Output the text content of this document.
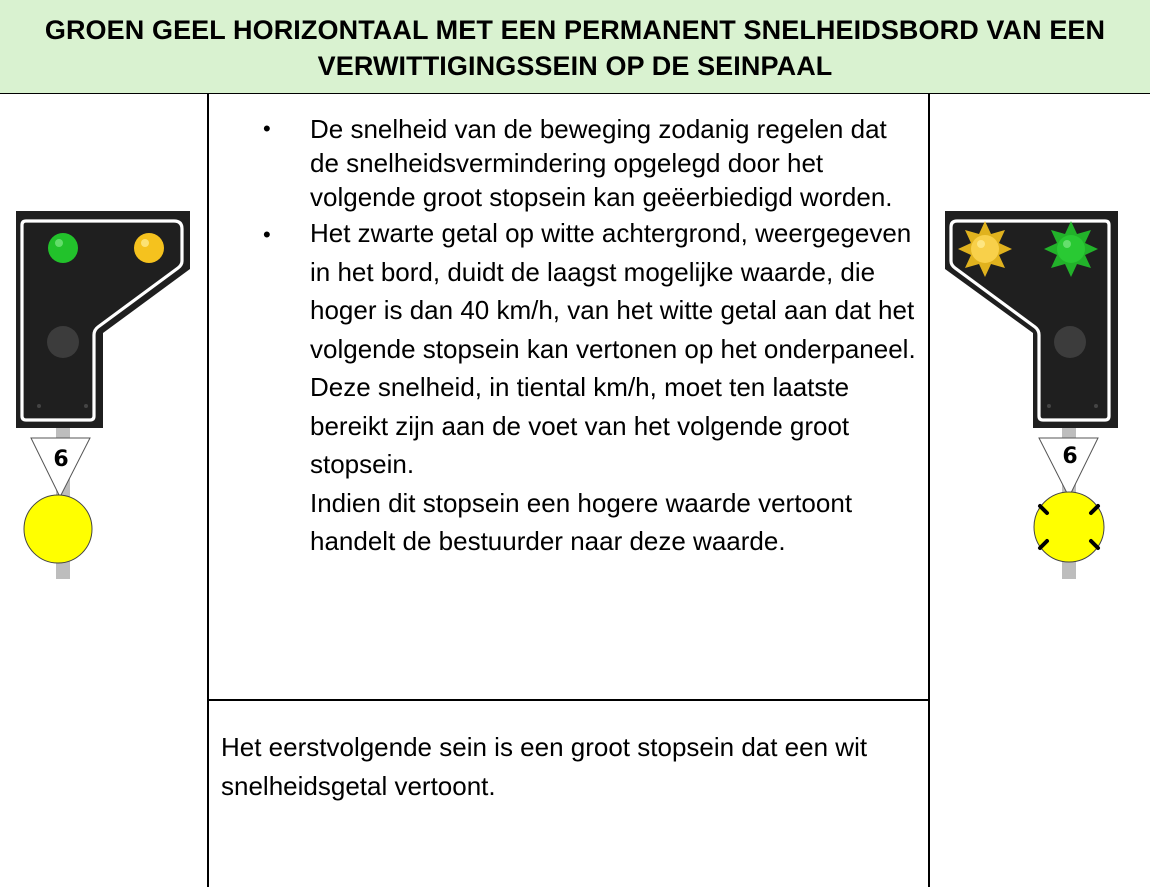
GROEN GEEL HORIZONTAAL MET EEN PERMANENT SNELHEIDSBORD VAN EEN VERWITTIGINGSSEIN OP DE SEINPAAL
• De snelheid van de beweging zodanig regelen dat de snelheidsvermindering opgelegd door het volgende groot stopsein kan geëerbiedigd worden.
• Het zwarte getal op witte achtergrond, weergegeven in het bord, duidt de laagst mogelijke waarde, die hoger is dan 40 km/h, van het witte getal aan dat het volgende stopsein kan vertonen op het onderpaneel.
Deze snelheid, in tiental km/h, moet ten laatste bereikt zijn aan de voet van het volgende groot stopsein.
Indien dit stopsein een hogere waarde vertoont handelt de bestuurder naar deze waarde.
Het eerstvolgende sein is een groot stopsein dat een wit snelheidsgetal vertoont.
6	6
